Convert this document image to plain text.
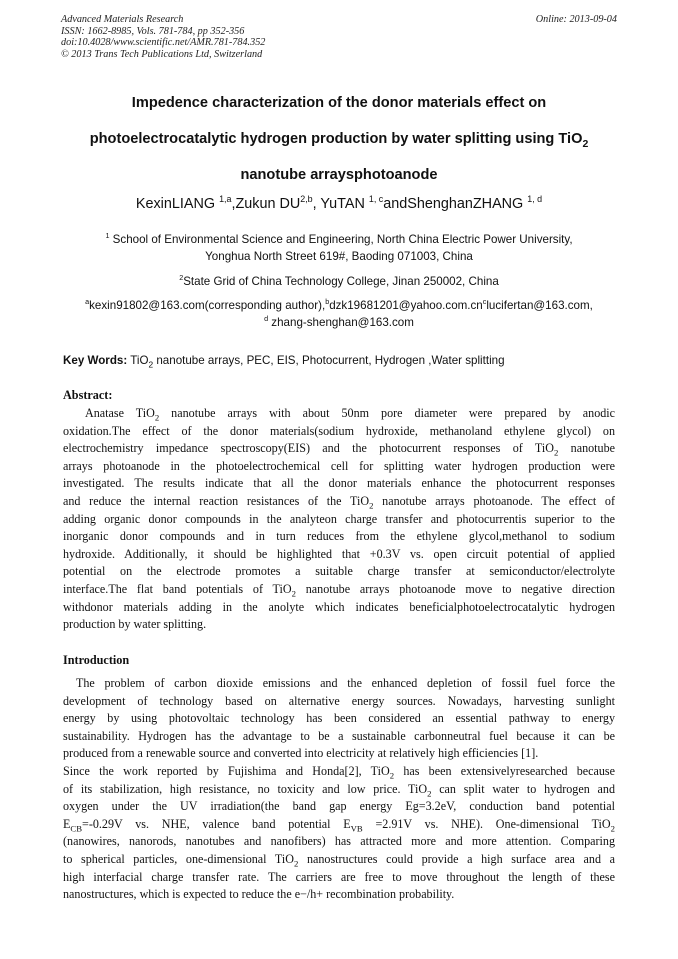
Advanced Materials Research
ISSN: 1662-8985, Vols. 781-784, pp 352-356
doi:10.4028/www.scientific.net/AMR.781-784.352
© 2013 Trans Tech Publications Ltd, Switzerland
Online: 2013-09-04
Impedence characterization of the donor materials effect on
photoelectrocatalytic hydrogen production by water splitting using TiO$_2$
nanotube arraysphotoanode
KexinLIANG $^{1,a}$,Zukun DU$^{2,b}$, YuTAN $^{1, c}$andShenghanZHANG $^{1, d}$
$^1$ School of Environmental Science and Engineering, North China Electric Power University,
Yonghua North Street 619#, Baoding 071003, China
$^2$State Grid of China Technology College, Jinan 250002, China
$^a$kexin91802@163.com(corresponding $author),^bdzk19681201@yahoo.com.cn^clucifertan@163.com$,
$^d$ zhang-shenghan@163.com
Key Words: TiO$_2$ nanotube arrays, PEC, EIS, Photocurrent, Hydrogen ,Water splitting
Abstract:
Anatase TiO$_2$ nanotube arrays with about 50nm pore diameter were prepared by anodic
oxidation.The effect of the donor materials(sodium hydroxide, methanoland ethylene glycol) on
electrochemistry impedance spectroscopy(EIS) and the photocurrent responses of TiO$_2$ nanotube
arrays photoanode in the photoelectrochemical cell for splitting water hydrogen production were
investigated. The results indicate that all the donor materials enhance the photocurrent responses
and reduce the internal reaction resistances of the TiO$_2$ nanotube arrays photoanode. The effect of
adding organic donor compounds in the analyteon charge transfer and photocurrentis superior to the
inorganic donor compounds and in turn reduces from the ethylene glycol,methanol to sodium
hydroxide. Additionally, it should be highlighted that +0.3V vs. open circuit potential of applied
potential on the electrode promotes a suitable charge transfer at semiconductor/electrolyte
interface.The flat band potentials of TiO$_2$ nanotube arrays photoanode move to negative direction
withdonor materials adding in the anolyte which indicates beneficialphotoelectrocatalytic hydrogen
production by water splitting.
Introduction
The problem of carbon dioxide emissions and the enhanced depletion of fossil fuel force the
development of technology based on alternative energy sources. Nowadays, harvesting sunlight
energy by using photovoltaic technology has been considered an essential pathway to energy
sustainability. Hydrogen has the advantage to be a sustainable carbonneutral fuel because it can be
produced from a renewable source and converted into electricity at relatively high efficiencies [1].
Since the work reported by Fujishima and Honda[2], TiO$_2$ has been extensivelyresearched because
of its stabilization, high resistance, no toxicity and low price. TiO$_2$ can split water to hydrogen and
oxygen under the UV irradiation(the band gap energy Eg=3.2eV, conduction band potential
$E_{CB}=-0.29V$ vs. NHE, valence band potential $E_{VB} =2.91V$ vs. NHE). One-dimensional TiO$_2$
(nanowires, nanorods, nanotubes and nanofibers) has attracted more and more attention. Comparing
to spherical particles, one-dimensional TiO$_2$ nanostructures could provide a high surface area and a
high interfacial charge transfer rate. The carriers are free to move throughout the length of these
nanostructures, which is expected to reduce the e−/h+ recombination probability.
